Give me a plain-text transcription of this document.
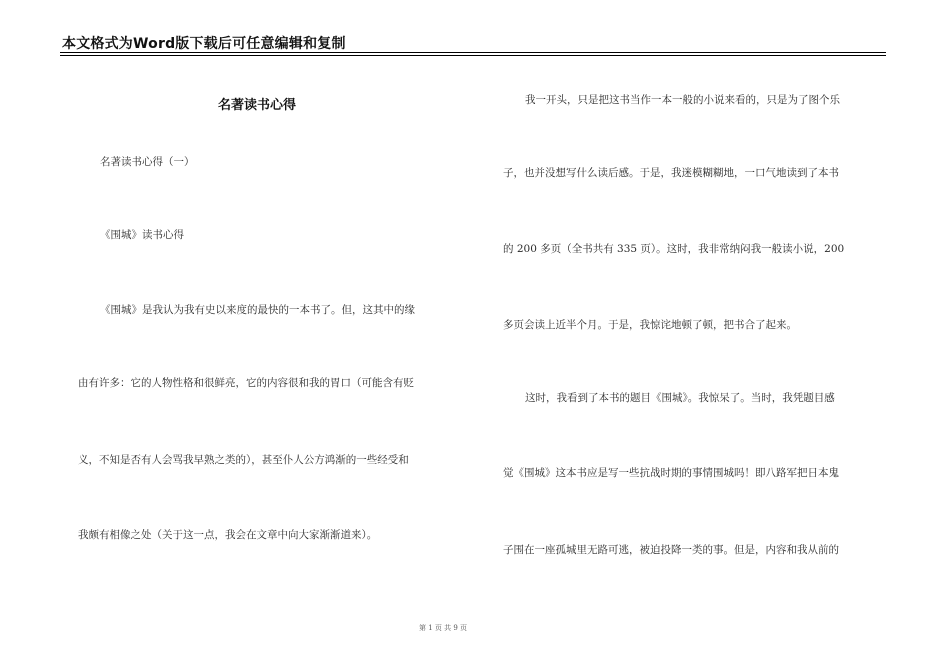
本文格式为Word版下载后可任意编辑和复制
名著读书心得
名著读书心得（一）
《围城》读书心得
《围城》是我认为我有史以来度的最快的一本书了。但，这其中的缘
由有许多：它的人物性格和很鲜亮，它的内容很和我的胃口（可能含有贬
义，不知是否有人会骂我早熟之类的），甚至仆人公方鸿渐的一些经受和
我颇有相像之处（关于这一点，我会在文章中向大家渐渐道来）。
我一开头，只是把这书当作一本一般的小说来看的，只是为了图个乐
子，也并没想写什么读后感。于是，我迷模糊糊地，一口气地读到了本书
的 200 多页（全书共有 335 页）。这时，我非常纳闷我一般读小说，200
多页会读上近半个月。于是，我惊诧地顿了顿，把书合了起来。
这时，我看到了本书的题目《围城》。我惊呆了。当时，我凭题目感
觉《围城》这本书应是写一些抗战时期的事情围城吗！即八路军把日本鬼
子围在一座孤城里无路可逃，被迫投降一类的事。但是，内容和我从前的
第 1 页 共 9 页
